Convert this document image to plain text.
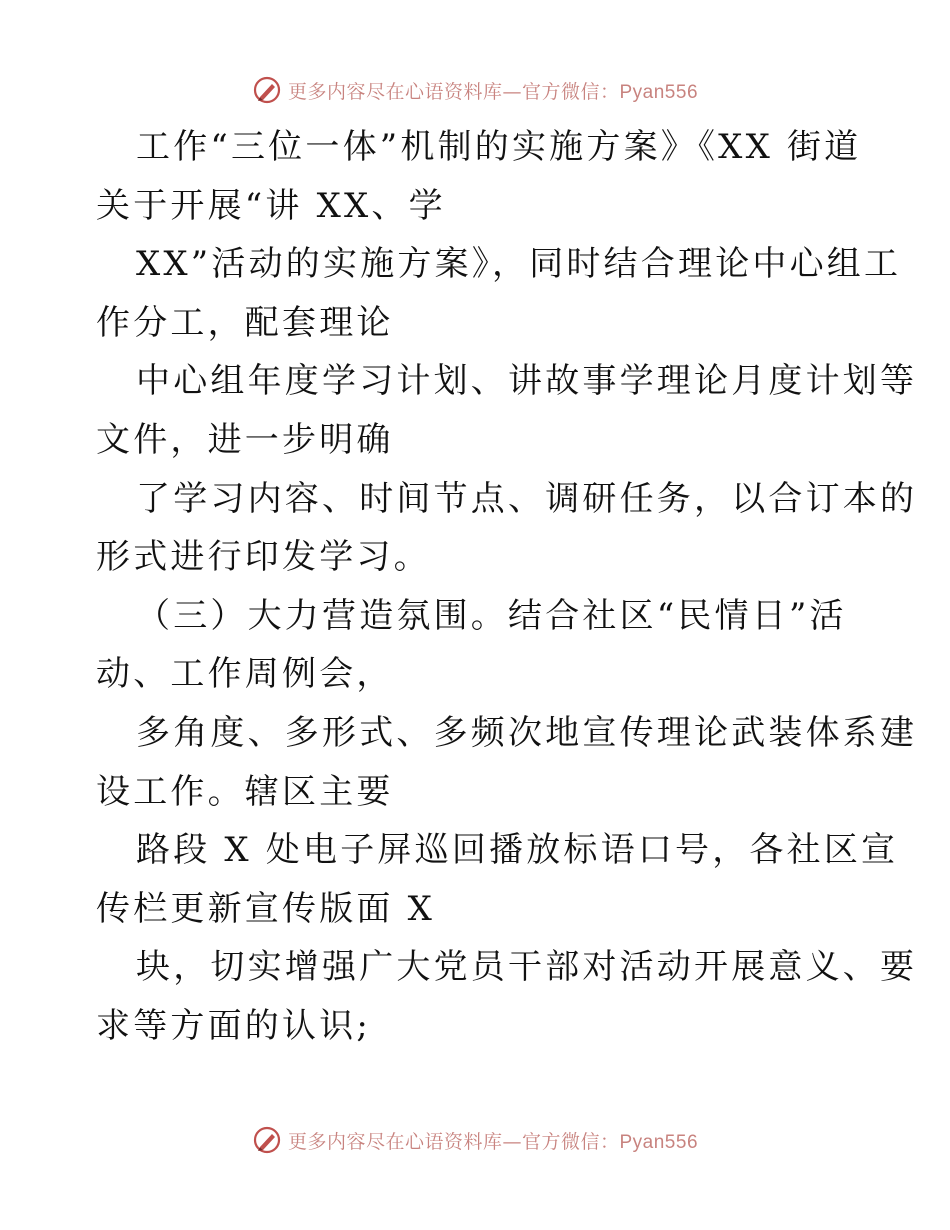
更多内容尽在心语资料库—官方微信：Pyan556
工作“三位一体”机制的实施方案》《XX 街道
关于开展“讲 XX、学
XX”活动的实施方案》，同时结合理论中心组工
作分工，配套理论
中心组年度学习计划、讲故事学理论月度计划等
文件，进一步明确
了学习内容、时间节点、调研任务，以合订本的
形式进行印发学习。
（三）大力营造氛围。结合社区“民情日”活
动、工作周例会，
多角度、多形式、多频次地宣传理论武装体系建
设工作。辖区主要
路段 X 处电子屏巡回播放标语口号，各社区宣
传栏更新宣传版面 X
块，切实增强广大党员干部对活动开展意义、要
求等方面的认识;
更多内容尽在心语资料库—官方微信：Pyan556
